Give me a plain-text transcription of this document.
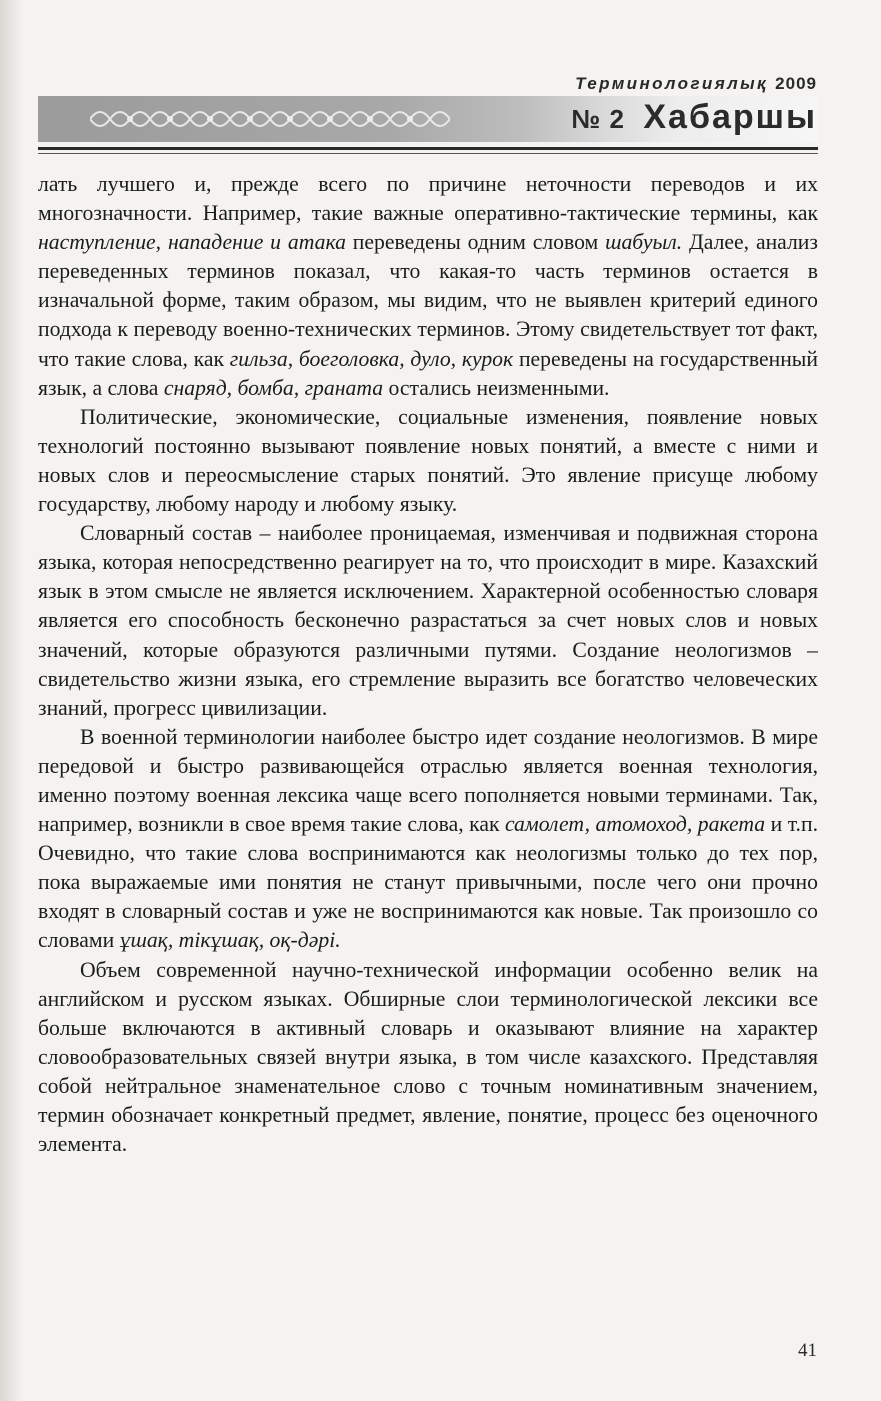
Терминологиялық 2009
№ 2 Хабаршы

лать лучшего и, прежде всего по причине неточности переводов и их многозначности. Например, такие важные оперативно-тактические термины, как наступление, нападение и атака переведены одним словом шабуыл. Далее, анализ переведенных терминов показал, что какая-то часть терминов остается в изначальной форме, таким образом, мы видим, что не выявлен критерий единого подхода к переводу военно-технических терминов. Этому свидетельствует тот факт, что такие слова, как гильза, боеголовка, дуло, курок переведены на государственный язык, а слова снаряд, бомба, граната остались неизменными.

Политические, экономические, социальные изменения, появление новых технологий постоянно вызывают появление новых понятий, а вместе с ними и новых слов и переосмысление старых понятий. Это явление присуще любому государству, любому народу и любому языку.

Словарный состав – наиболее проницаемая, изменчивая и подвижная сторона языка, которая непосредственно реагирует на то, что происходит в мире. Казахский язык в этом смысле не является исключением. Характерной особенностью словаря является его способность бесконечно разрастаться за счет новых слов и новых значений, которые образуются различными путями. Создание неологизмов – свидетельство жизни языка, его стремление выразить все богатство человеческих знаний, прогресс цивилизации.

В военной терминологии наиболее быстро идет создание неологизмов. В мире передовой и быстро развивающейся отраслью является военная технология, именно поэтому военная лексика чаще всего пополняется новыми терминами. Так, например, возникли в свое время такие слова, как самолет, атомоход, ракета и т.п. Очевидно, что такие слова воспринимаются как неологизмы только до тех пор, пока выражаемые ими понятия не станут привычными, после чего они прочно входят в словарный состав и уже не воспринимаются как новые. Так произошло со словами ұшақ, тікұшақ, оқ-дәрі.

Объем современной научно-технической информации особенно велик на английском и русском языках. Обширные слои терминологической лексики все больше включаются в активный словарь и оказывают влияние на характер словообразовательных связей внутри языка, в том числе казахского. Представляя собой нейтральное знаменательное слово с точным номинативным значением, термин обозначает конкретный предмет, явление, понятие, процесс без оценочного элемента.

41
